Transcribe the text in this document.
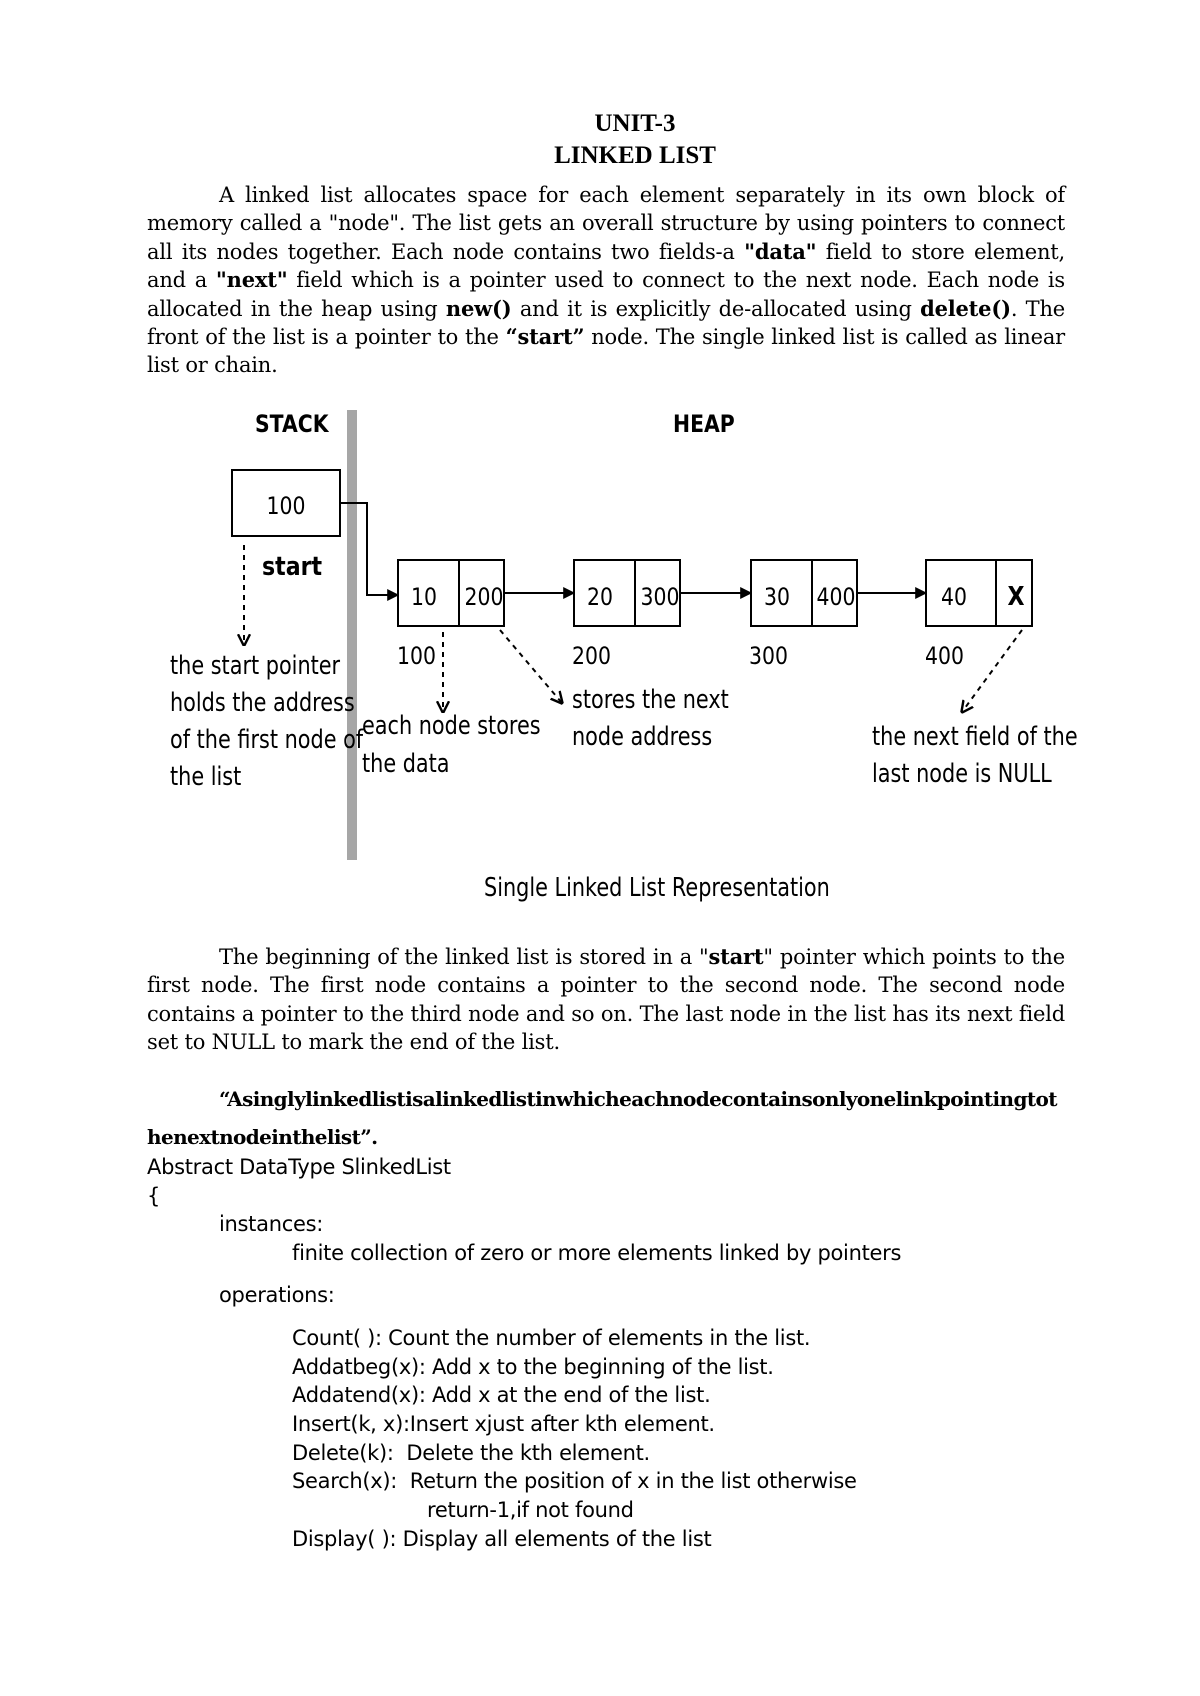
UNIT-3
LINKED LIST
A linked list allocates space for each element separately in its own block of memory called a "node". The list gets an overall structure by using pointers to connect all its nodes together. Each node contains two fields-a "data" field to store element, and a "next" field which is a pointer used to connect to the next node. Each node is allocated in the heap using new() and it is explicitly de-allocated using delete(). The front of the list is a pointer to the “start” node. The single linked list is called as linear list or chain.
STACK	HEAP
100
start
10 200
100
20 300
200
30 400
300
40 X
400
the start pointer
holds the address
of the first node of
the list
each node stores
the data
stores the next
node address	the next field of the
last node is NULL
Single Linked List Representation
The beginning of the linked list is stored in a "start" pointer which points to the first node. The first node contains a pointer to the second node. The second node contains a pointer to the third node and so on. The last node in the list has its next field set to NULL to mark the end of the list.
“Asinglylinkedlistisalinkedlistinwhicheachnodecontainsonlyonelinkpointingtothenextnodeinthelist”.
Abstract DataType SlinkedList
{
instances:
finite collection of zero or more elements linked by pointers
operations:
Count( ): Count the number of elements in the list.
Addatbeg(x): Add x to the beginning of the list.
Addatend(x): Add x at the end of the list.
Insert(k, x):Insert xjust after kth element.
Delete(k):  Delete the kth element.
Search(x):  Return the position of x in the list otherwise
return-1,if not found
Display( ): Display all elements of the list
